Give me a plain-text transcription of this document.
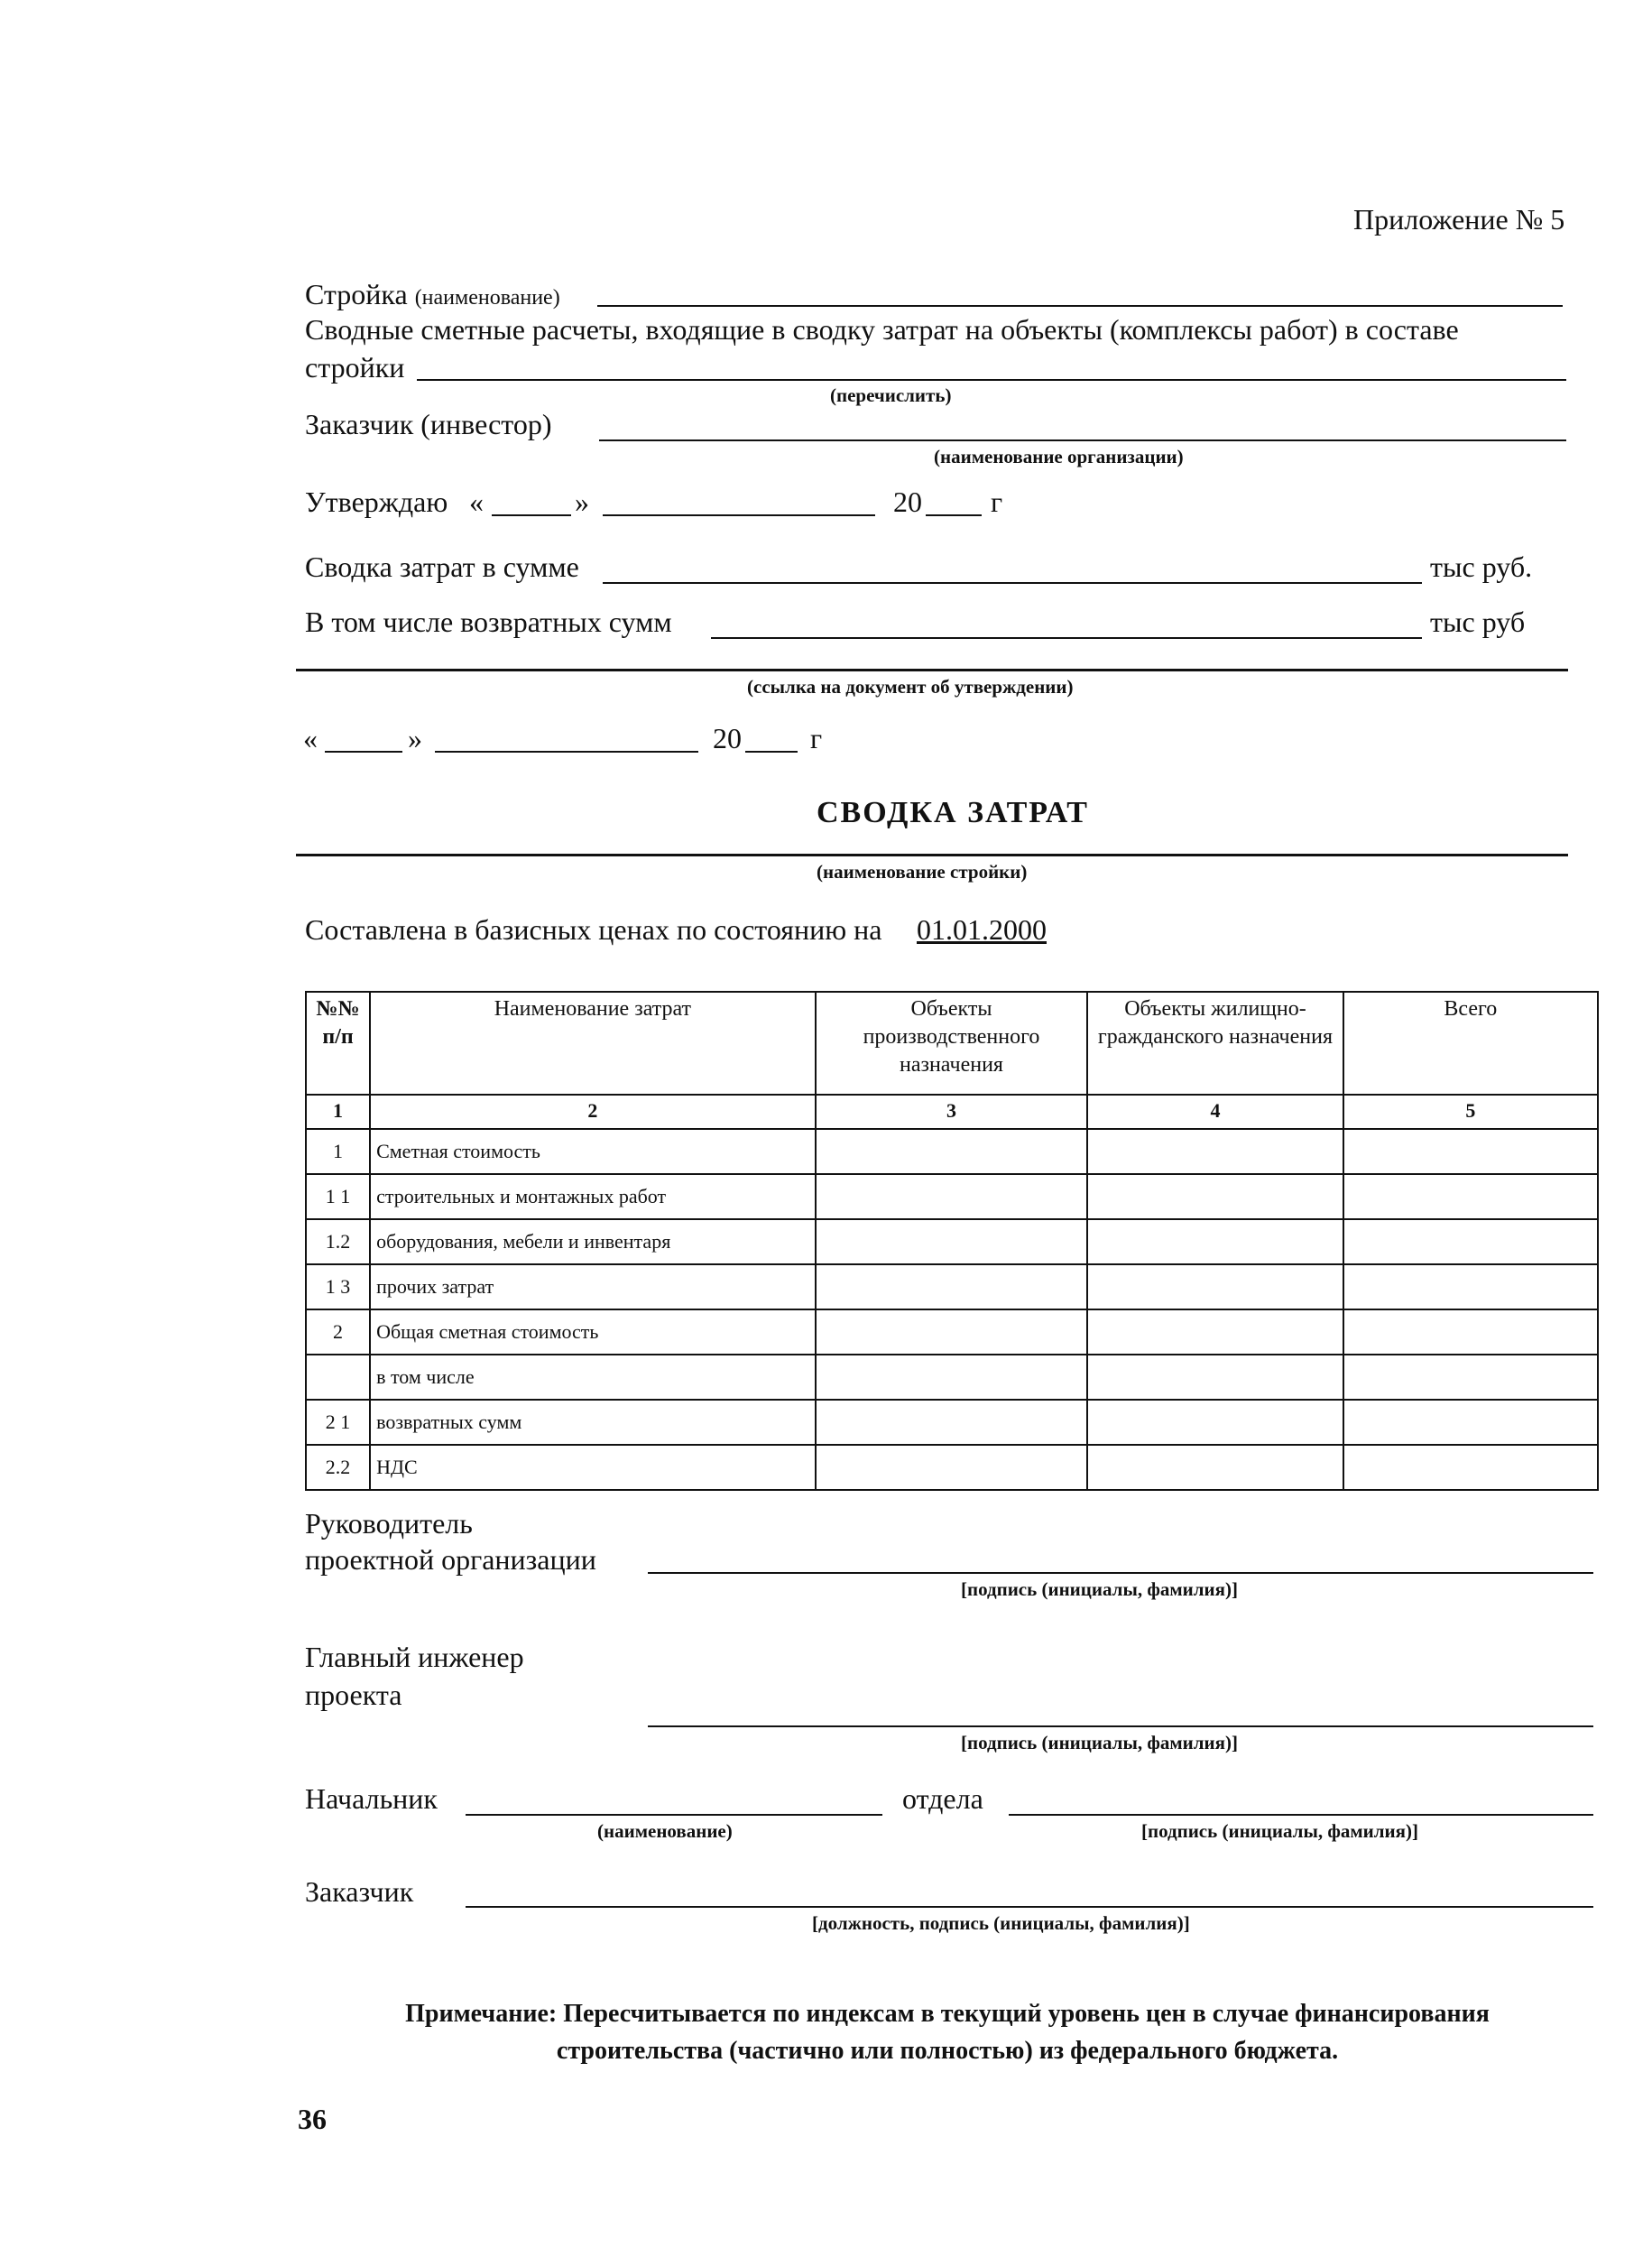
Приложение № 5
Стройка (наименование)
Сводные сметные расчеты, входящие в сводку затрат на объекты (комплексы работ) в составе
стройки
(перечислить)
Заказчик (инвестор)
(наименование организации)
Утверждаю «	»	20 г
Сводка затрат в сумме	тыс руб.
В том числе возвратных сумм	тыс руб
(ссылка на документ об утверждении)
«	»	20 г
СВОДКА ЗАТРАТ
(наименование стройки)
Составлена в базисных ценах по состоянию на 01.01.2000
№№ п/п	Наименование затрат	Объекты производственного назначения	Объекты жилищно-гражданского назначения	Всего
1	2	3	4	5
1	Сметная стоимость			
1 1	строительных и монтажных работ			
1.2	оборудования, мебели и инвентаря			
1 3	прочих затрат			
2	Общая сметная стоимость			
	в том числе			
2 1	возвратных сумм			
2.2	НДС			
Руководитель
проектной организации
[подпись (инициалы, фамилия)]
Главный инженер
проекта
[подпись (инициалы, фамилия)]
Начальник
(наименование)
отдела
[подпись (инициалы, фамилия)]
Заказчик
[должность, подпись (инициалы, фамилия)]
Примечание: Пересчитывается по индексам в текущий уровень цен в случае финансирования
строительства (частично или полностью) из федерального бюджета.
36
